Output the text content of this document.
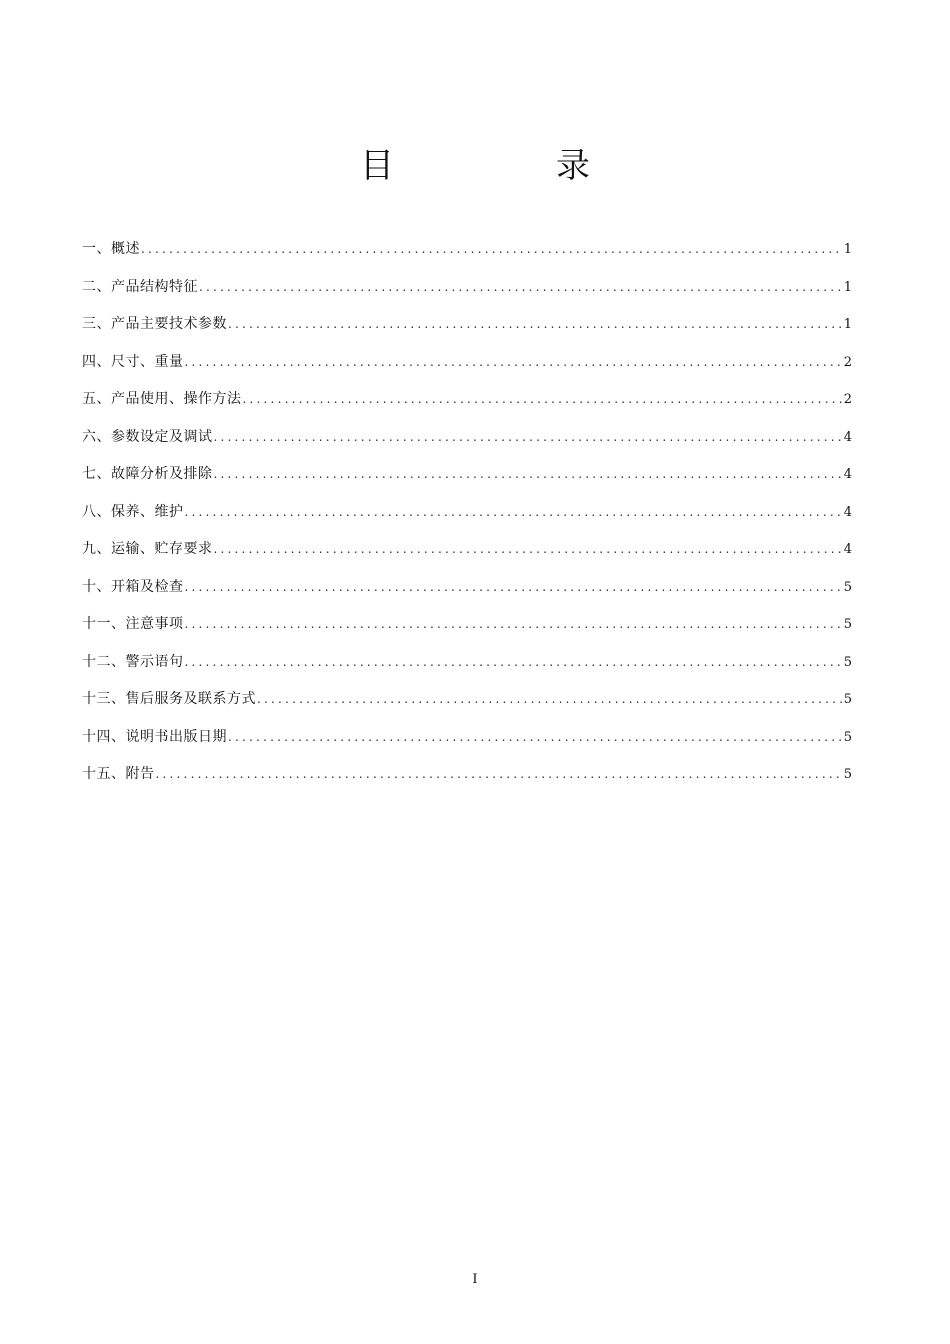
目　录
一、概述 .....	1
二、产品结构特征 .....	1
三、产品主要技术参数 .....	1
四、尺寸、重量 .....	2
五、产品使用、操作方法 .....	2
六、参数设定及调试 .....	4
七、故障分析及排除 .....	4
八、保养、维护 .....	4
九、运输、贮存要求 .....	4
十、开箱及检查 .....	5
十一、注意事项 .....	5
十二、警示语句 .....	5
十三、售后服务及联系方式 .....	5
十四、说明书出版日期 .....	5
十五、附告 .....	5
I
